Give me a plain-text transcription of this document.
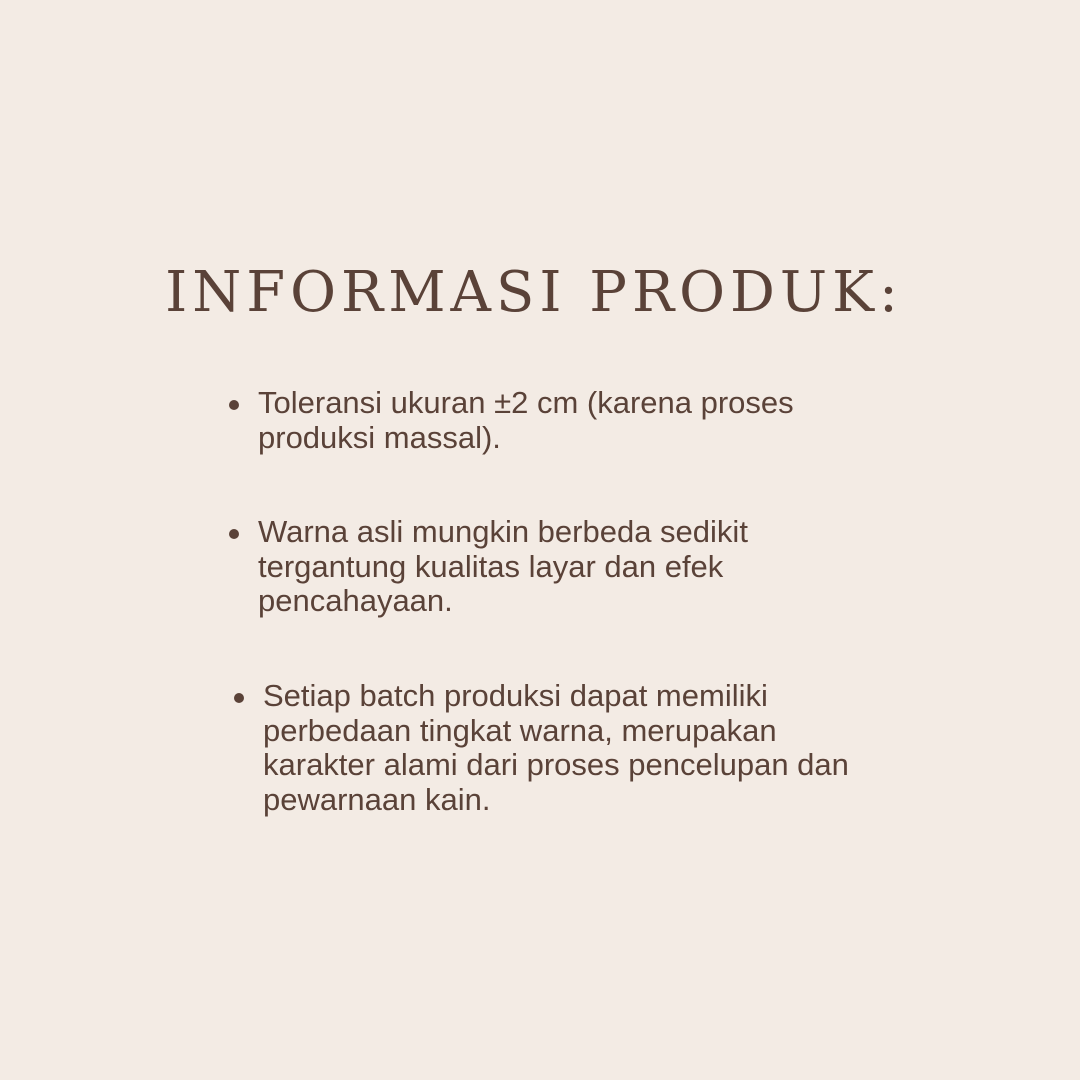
INFORMASI PRODUK:
Toleransi ukuran ±2 cm (karena proses produksi massal).
Warna asli mungkin berbeda sedikit tergantung kualitas layar dan efek pencahayaan.
Setiap batch produksi dapat memiliki perbedaan tingkat warna, merupakan karakter alami dari proses pencelupan dan pewarnaan kain.
